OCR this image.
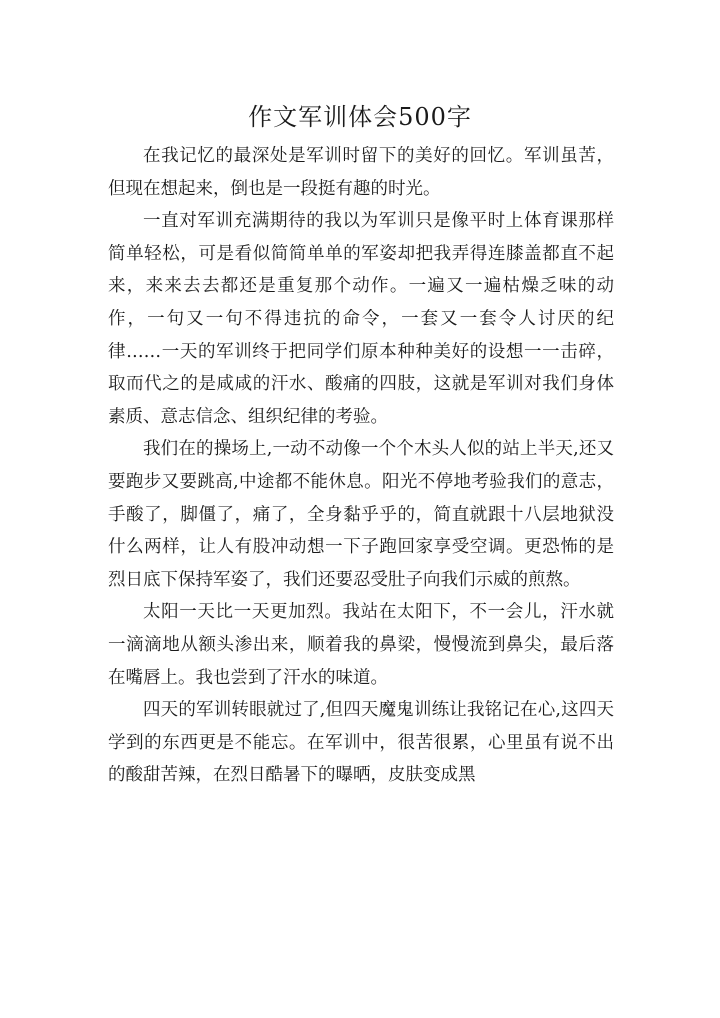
作文军训体会500字

在我记忆的最深处是军训时留下的美好的回忆。军训虽苦，但现在想起来，倒也是一段挺有趣的时光。

一直对军训充满期待的我以为军训只是像平时上体育课那样简单轻松，可是看似简简单单的军姿却把我弄得连膝盖都直不起来，来来去去都还是重复那个动作。一遍又一遍枯燥乏味的动作，一句又一句不得违抗的命令，一套又一套令人讨厌的纪律……一天的军训终于把同学们原本种种美好的设想一一击碎，取而代之的是咸咸的汗水、酸痛的四肢，这就是军训对我们身体素质、意志信念、组织纪律的考验。

我们在的操场上,一动不动像一个个木头人似的站上半天,还又要跑步又要跳高,中途都不能休息。阳光不停地考验我们的意志，手酸了，脚僵了，痛了，全身黏乎乎的，简直就跟十八层地狱没什么两样，让人有股冲动想一下子跑回家享受空调。更恐怖的是烈日底下保持军姿了，我们还要忍受肚子向我们示威的煎熬。

太阳一天比一天更加烈。我站在太阳下，不一会儿，汗水就一滴滴地从额头渗出来，顺着我的鼻梁，慢慢流到鼻尖，最后落在嘴唇上。我也尝到了汗水的味道。

四天的军训转眼就过了,但四天魔鬼训练让我铭记在心,这四天学到的东西更是不能忘。在军训中，很苦很累，心里虽有说不出的酸甜苦辣，在烈日酷暑下的曝晒，皮肤变成黑
